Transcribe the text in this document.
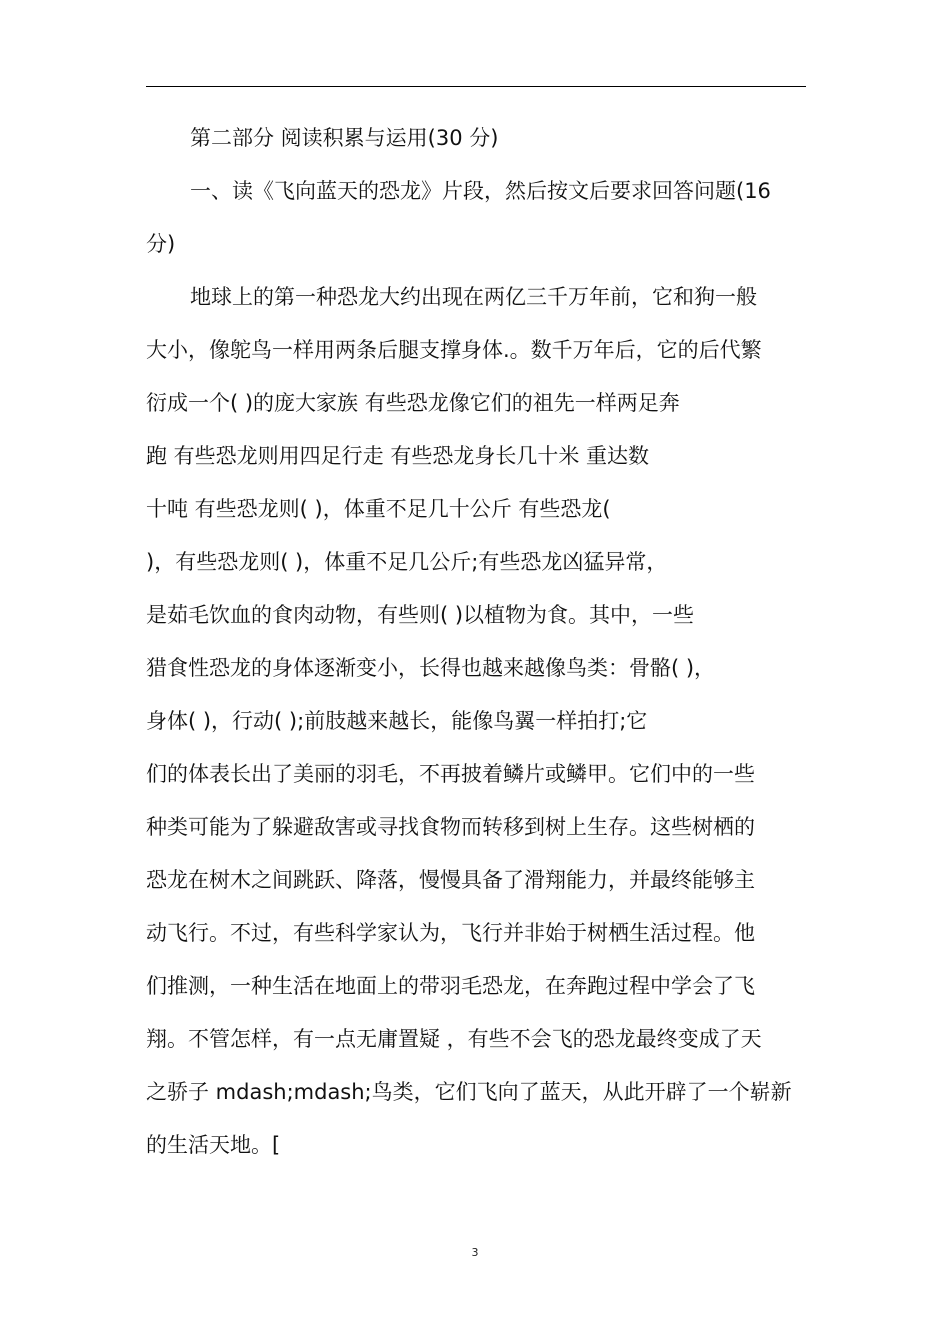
第二部分 阅读积累与运用(30 分)
一、读《飞向蓝天的恐龙》片段，然后按文后要求回答问题(16
分)
地球上的第一种恐龙大约出现在两亿三千万年前，它和狗一般
大小，像鸵鸟一样用两条后腿支撑身体.。数千万年后，它的后代繁
衍成一个( )的庞大家族 有些恐龙像它们的祖先一样两足奔
跑 有些恐龙则用四足行走 有些恐龙身长几十米 重达数
十吨 有些恐龙则( )，体重不足几十公斤 有些恐龙(
)，有些恐龙则( )，体重不足几公斤;有些恐龙凶猛异常，
是茹毛饮血的食肉动物，有些则( )以植物为食。其中，一些
猎食性恐龙的身体逐渐变小，长得也越来越像鸟类：骨骼( )，
身体( )，行动( );前肢越来越长，能像鸟翼一样拍打;它
们的体表长出了美丽的羽毛，不再披着鳞片或鳞甲。它们中的一些
种类可能为了躲避敌害或寻找食物而转移到树上生存。这些树栖的
恐龙在树木之间跳跃、降落，慢慢具备了滑翔能力，并最终能够主
动飞行。不过，有些科学家认为，飞行并非始于树栖生活过程。他
们推测，一种生活在地面上的带羽毛恐龙，在奔跑过程中学会了飞
翔。不管怎样，有一点无庸置疑 ，有些不会飞的恐龙最终变成了天
之骄子 mdash;mdash;鸟类，它们飞向了蓝天，从此开辟了一个崭新
的生活天地。[
3
